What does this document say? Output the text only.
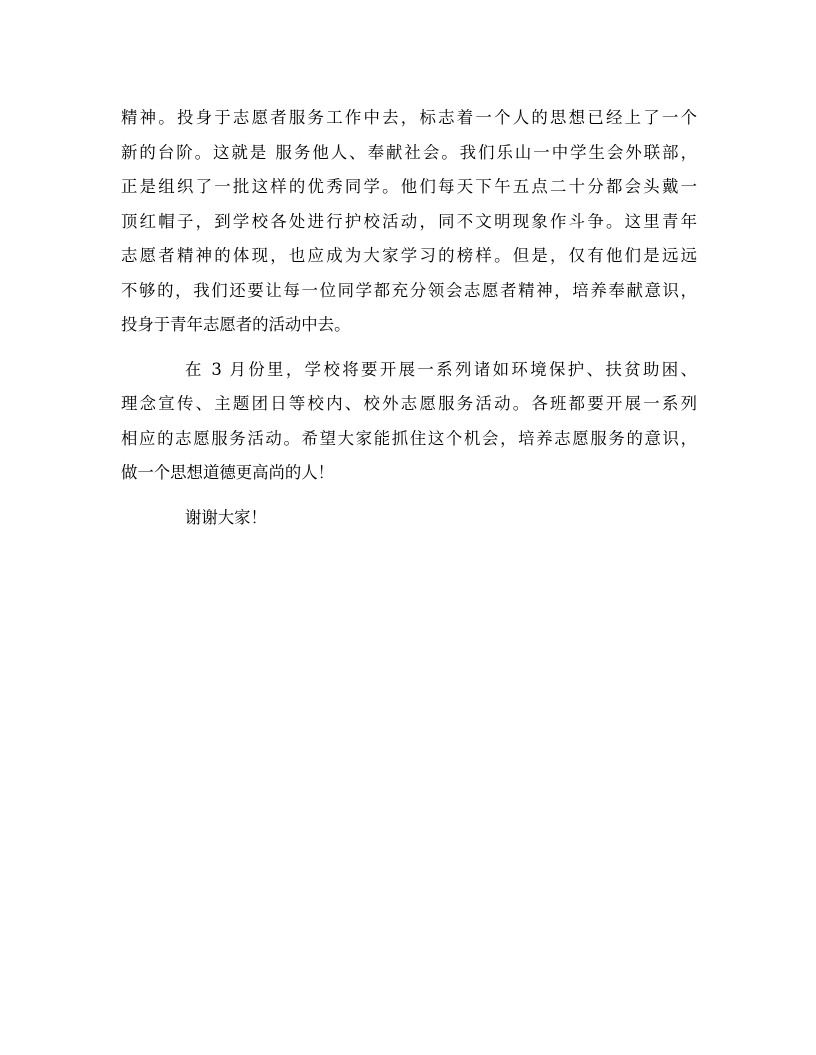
精神。投身于志愿者服务工作中去，标志着一个人的思想已经上了一个
新的台阶。这就是 服务他人、奉献社会。我们乐山一中学生会外联部，
正是组织了一批这样的优秀同学。他们每天下午五点二十分都会头戴一
顶红帽子，到学校各处进行护校活动，同不文明现象作斗争。这里青年
志愿者精神的体现，也应成为大家学习的榜样。但是，仅有他们是远远
不够的，我们还要让每一位同学都充分领会志愿者精神，培养奉献意识，
投身于青年志愿者的活动中去。
在 3 月份里，学校将要开展一系列诸如环境保护、扶贫助困、
理念宣传、主题团日等校内、校外志愿服务活动。各班都要开展一系列
相应的志愿服务活动。希望大家能抓住这个机会，培养志愿服务的意识，
做一个思想道德更高尚的人！
谢谢大家！
